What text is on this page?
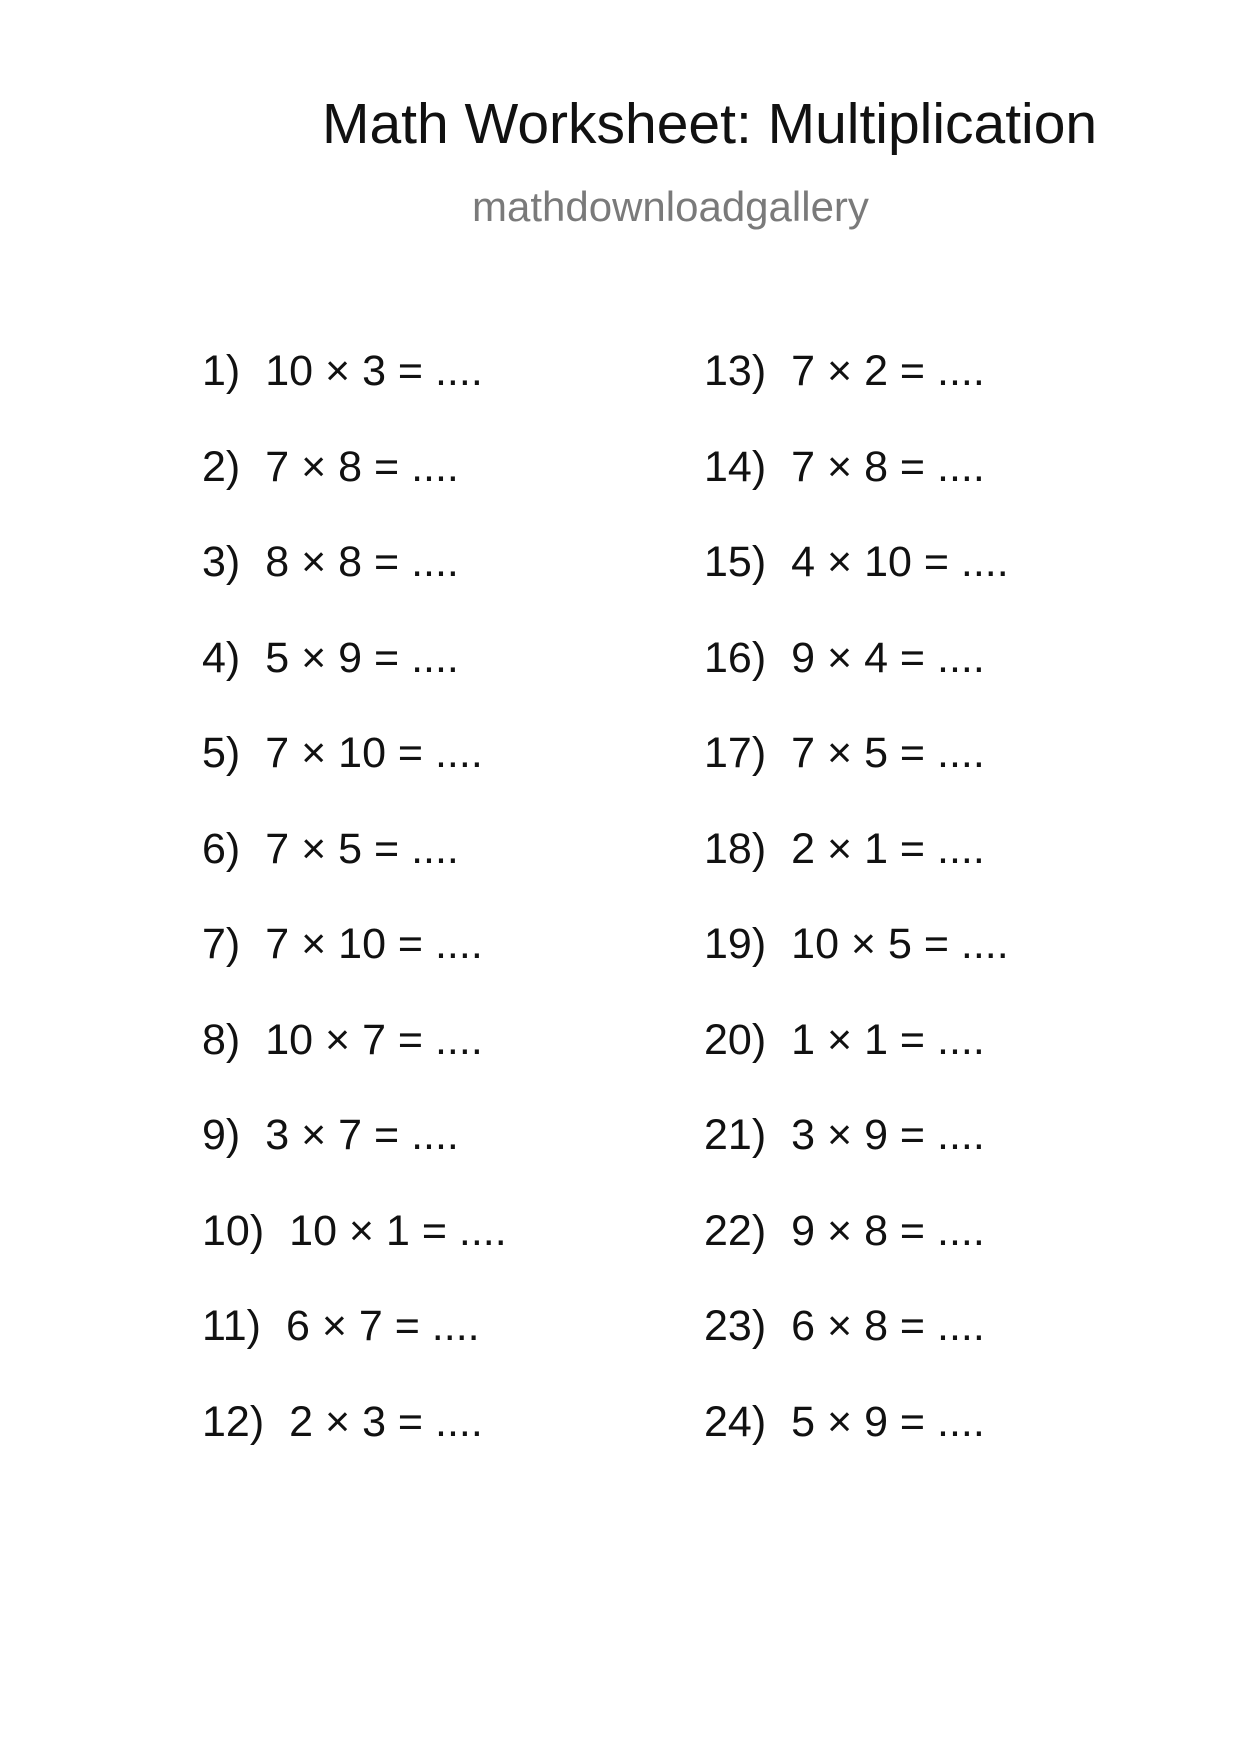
Math Worksheet: Multiplication
mathdownloadgallery
1) 10 × 3 = ....
2) 7 × 8 = ....
3) 8 × 8 = ....
4) 5 × 9 = ....
5) 7 × 10 = ....
6) 7 × 5 = ....
7) 7 × 10 = ....
8) 10 × 7 = ....
9) 3 × 7 = ....
10) 10 × 1 = ....
11) 6 × 7 = ....
12) 2 × 3 = ....
13) 7 × 2 = ....
14) 7 × 8 = ....
15) 4 × 10 = ....
16) 9 × 4 = ....
17) 7 × 5 = ....
18) 2 × 1 = ....
19) 10 × 5 = ....
20) 1 × 1 = ....
21) 3 × 9 = ....
22) 9 × 8 = ....
23) 6 × 8 = ....
24) 5 × 9 = ....
